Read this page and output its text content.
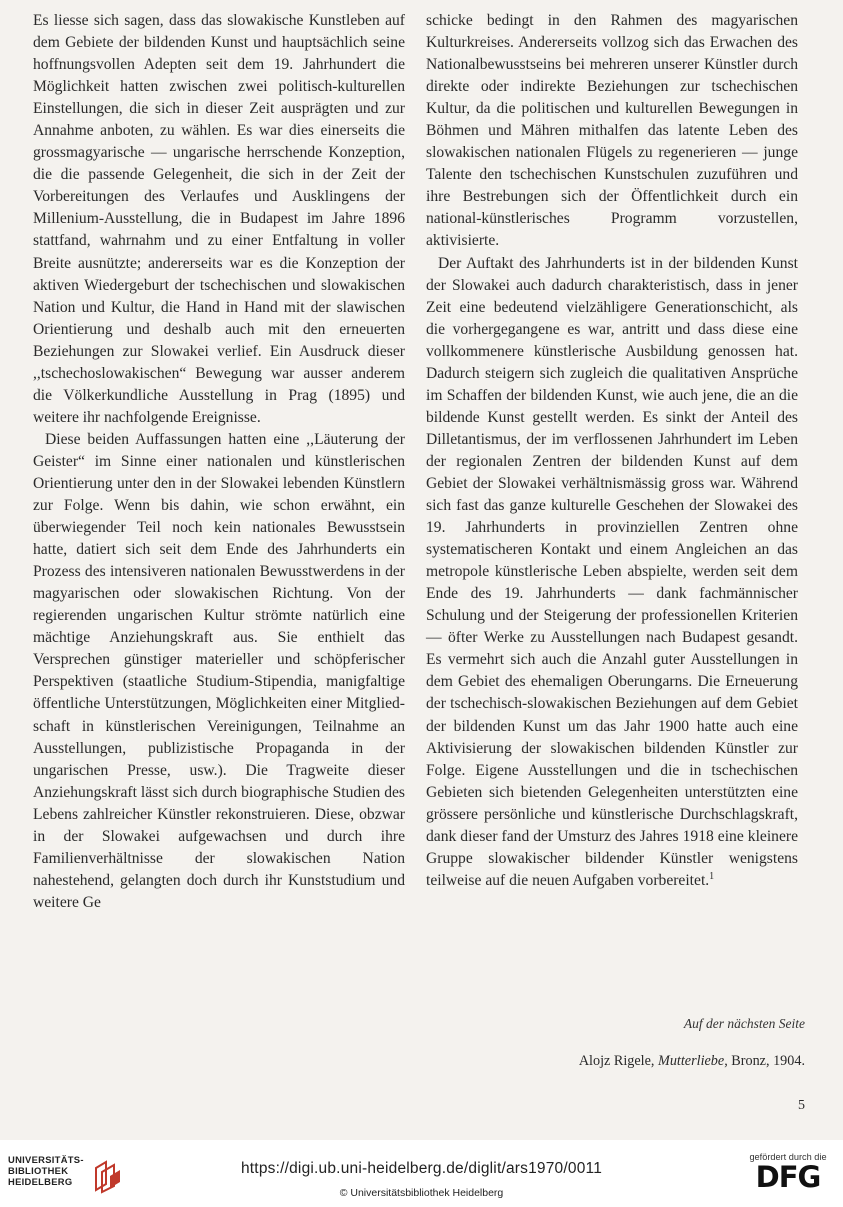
Es liesse sich sagen, dass das slowakische Kunstleben auf dem Gebiete der bildenden Kunst und hauptsächlich seine hoffnungsvollen Adepten seit dem 19. Jahrhundert die Möglichkeit hatten zwischen zwei politisch-kulturellen Einstellungen, die sich in dieser Zeit ausprägten und zur Annahme anboten, zu wählen. Es war dies einerseits die grossmagyarische — ungarische herrschende Konzeption, die die passende Gelegenheit, die sich in der Zeit der Vorbereitungen des Verlaufes und Ausklingens der Millenium-Ausstellung, die in Budapest im Jahre 1896 stattfand, wahrnahm und zu einer Entfaltung in voller Breite ausnützte; andererseits war es die Konzeption der aktiven Wiedergeburt der tschechischen und slowakischen Nation und Kultur, die Hand in Hand mit der slawischen Orientierung und deshalb auch mit den erneuerten Beziehungen zur Slowakei verlief. Ein Ausdruck dieser ,,tschechoslowakischen“ Bewegung war ausser anderem die Völkerkundliche Ausstellung in Prag (1895) und weitere ihr nachfolgende Ereignisse.

Diese beiden Auffassungen hatten eine ,,Läuterung der Geister“ im Sinne einer nationalen und künstlerischen Orientierung unter den in der Slowakei lebenden Künstlern zur Folge. Wenn bis dahin, wie schon erwähnt, ein überwiegender Teil noch kein nationales Bewusstsein hatte, datiert sich seit dem Ende des Jahrhunderts ein Prozess des intensiveren nationalen Bewusstwerdens in der magyarischen oder slowakischen Richtung. Von der regierenden ungarischen Kultur strömte natürlich eine mächtige Anziehungskraft aus. Sie enthielt das Versprechen günstiger materieller und schöpferischer Perspektiven (staatliche Studium-Stipendia, manigfaltige öffentliche Unterstützungen, Möglichkeiten einer Mitgliedschaft in künstlerischen Vereinigungen, Teilnahme an Ausstellungen, publizistische Propaganda in der ungarischen Presse, usw.). Die Tragweite dieser Anziehungskraft lässt sich durch biographische Studien des Lebens zahlreicher Künstler rekonstruieren. Diese, obzwar in der Slowakei aufgewachsen und durch ihre Familienverhältnisse der slowakischen Nation nahestehend, gelangten doch durch ihr Kunststudium und weitere Ge

schicke bedingt in den Rahmen des magyarischen Kulturkreises. Andererseits vollzog sich das Erwachen des Nationalbewusstseins bei mehreren unserer Künstler durch direkte oder indirekte Beziehungen zur tschechischen Kultur, da die politischen und kulturellen Bewegungen in Böhmen und Mähren mithalfen das latente Leben des slowakischen nationalen Flügels zu regenerieren — junge Talente den tschechischen Kunstschulen zuzuführen und ihre Bestrebungen sich der Öffentlichkeit durch ein national-künstlerisches Programm vorzustellen, aktivisierte.

Der Auftakt des Jahrhunderts ist in der bildenden Kunst der Slowakei auch dadurch charakteristisch, dass in jener Zeit eine bedeutend vielzähligere Generationschicht, als die vorhergegangene es war, antritt und dass diese eine vollkommenere künstlerische Ausbildung genossen hat. Dadurch steigern sich zugleich die qualitativen Ansprüche im Schaffen der bildenden Kunst, wie auch jene, die an die bildende Kunst gestellt werden. Es sinkt der Anteil des Dilletantismus, der im verflossenen Jahrhundert im Leben der regionalen Zentren der bildenden Kunst auf dem Gebiet der Slowakei verhältnismässig gross war. Während sich fast das ganze kulturelle Geschehen der Slowakei des 19. Jahrhunderts in provinziellen Zentren ohne systematischeren Kontakt und einem Angleichen an das metropole künstlerische Leben abspielte, werden seit dem Ende des 19. Jahrhunderts — dank fachmännischer Schulung und der Steigerung der professionellen Kriterien — öfter Werke zu Ausstellungen nach Budapest gesandt. Es vermehrt sich auch die Anzahl guter Ausstellungen in dem Gebiet des ehemaligen Oberungarns. Die Erneuerung der tschechisch-slowakischen Beziehungen auf dem Gebiet der bildenden Kunst um das Jahr 1900 hatte auch eine Aktivisierung der slowakischen bildenden Künstler zur Folge. Eigene Ausstellungen und die in tschechischen Gebieten sich bietenden Gelegenheiten unterstützten eine grössere persönliche und künstlerische Durchschlagskraft, dank dieser fand der Umsturz des Jahres 1918 eine kleinere Gruppe slowakischer bildender Künstler wenigstens teilweise auf die neuen Aufgaben vorbereitet.$^1$

Auf der nächsten Seite
Alojz Rigele, Mutterliebe, Bronz, 1904.
5
UNIVERSITÄTS-
BIBLIOTHEK
HEIDELBERG
https://digi.ub.uni-heidelberg.de/diglit/ars1970/0011
© Universitätsbibliothek Heidelberg
gefördert durch die
DFG
